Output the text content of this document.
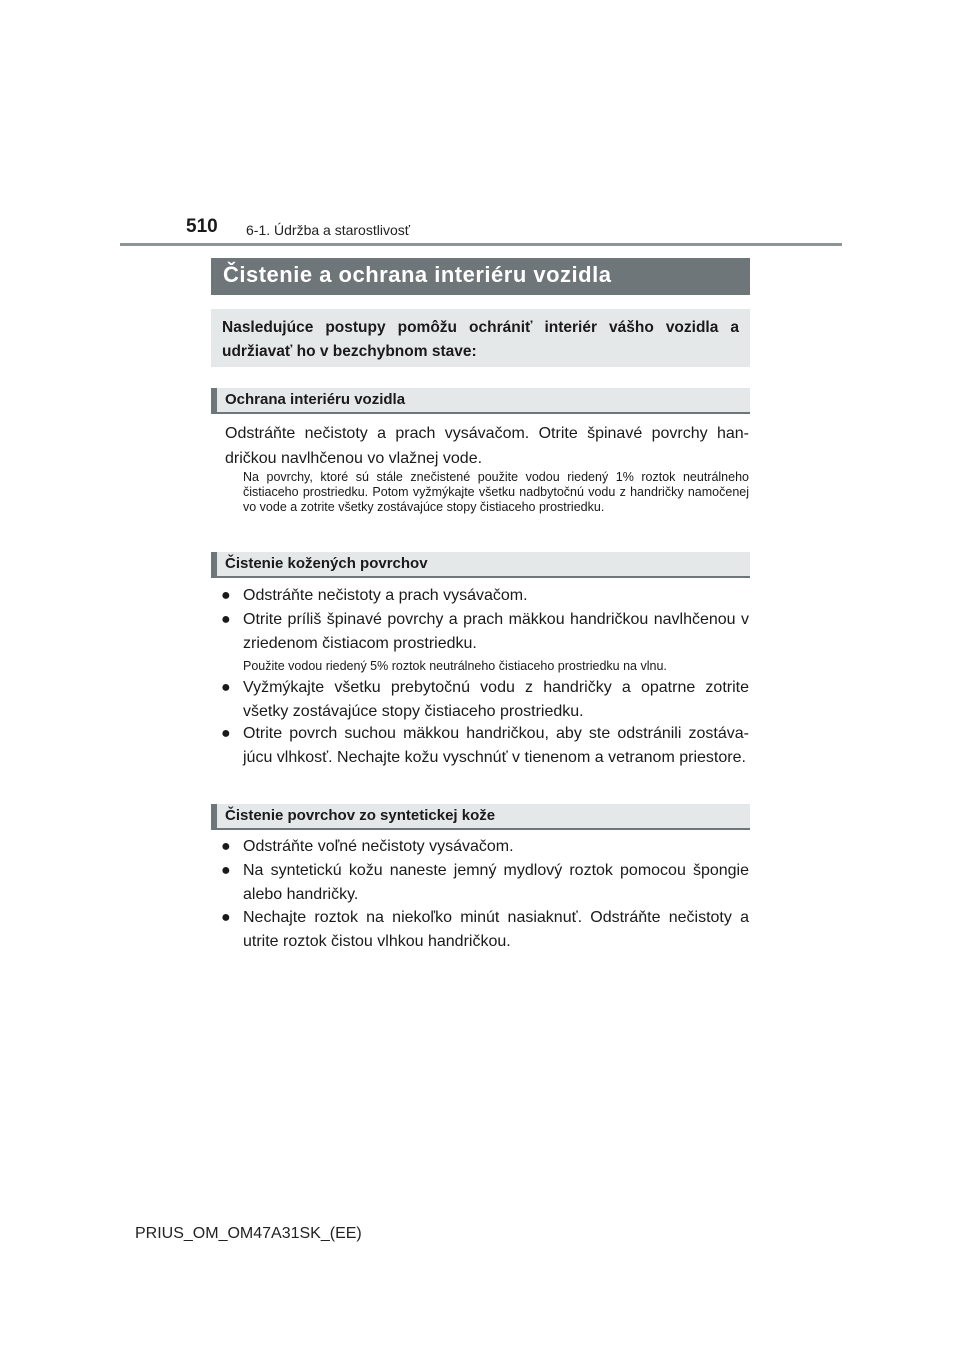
510 6-1. Údržba a starostlivosť
Čistenie a ochrana interiéru vozidla
Nasledujúce postupy pomôžu ochrániť interiér vášho vozidla a udržiavať ho v bezchybnom stave:
Ochrana interiéru vozidla

Odstráňte nečistoty a prach vysávačom. Otrite špinavé povrchy handričkou navlhčenou vo vlažnej vode.

Na povrchy, ktoré sú stále znečistené použite vodou riedený 1% roztok neutrálneho čistiaceho prostriedku. Potom vyžmýkajte všetku nadbytočnú vodu z handričky namočenej vo vode a zotrite všetky zostávajúce stopy čistiaceho prostriedku.

Čistenie kožených povrchov
● Odstráňte nečistoty a prach vysávačom.
● Otrite príliš špinavé povrchy a prach mäkkou handričkou navlhčenou v zriedenom čistiacom prostriedku.

Použite vodou riedený 5% roztok neutrálneho čistiaceho prostriedku na vlnu.

● Vyžmýkajte všetku prebytočnú vodu z handričky a opatrne zotrite všetky zostávajúce stopy čistiaceho prostriedku.
● Otrite povrch suchou mäkkou handričkou, aby ste odstránili zostávajúcu vlhkosť. Nechajte kožu vyschnúť v tienenom a vetranom priestore.
Čistenie povrchov zo syntetickej kože
● Odstráňte voľné nečistoty vysávačom.
● Na syntetickú kožu naneste jemný mydlový roztok pomocou špongie alebo handričky.
● Nechajte roztok na niekoľko minút nasiaknuť. Odstráňte nečistoty a utrite roztok čistou vlhkou handričkou.
PRIUS_OM_OM47A31SK_(EE)
